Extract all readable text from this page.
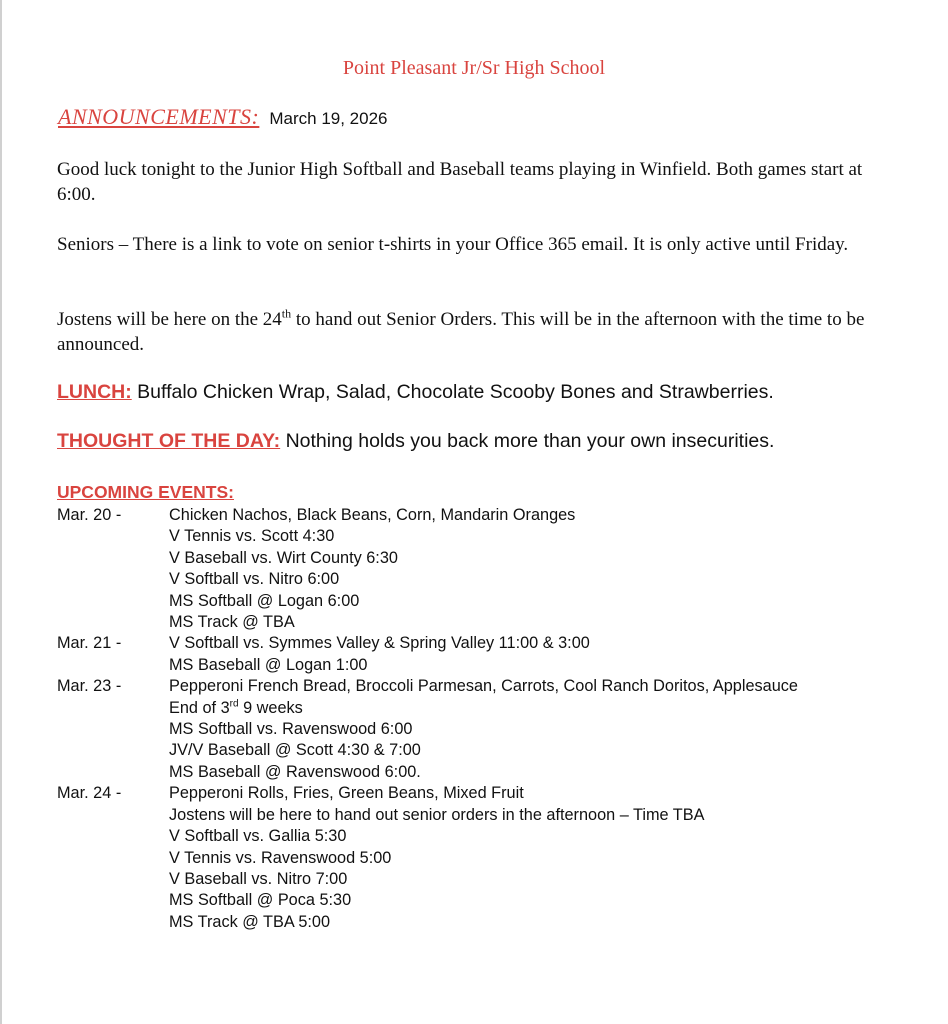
Point Pleasant Jr/Sr High School
ANNOUNCEMENTS: March 19, 2026
Good luck tonight to the Junior High Softball and Baseball teams playing in Winfield. Both games start at 6:00.
Seniors – There is a link to vote on senior t-shirts in your Office 365 email. It is only active until Friday.
Jostens will be here on the 24th to hand out Senior Orders. This will be in the afternoon with the time to be announced.
LUNCH: Buffalo Chicken Wrap, Salad, Chocolate Scooby Bones and Strawberries.
THOUGHT OF THE DAY: Nothing holds you back more than your own insecurities.
UPCOMING EVENTS:
Mar. 20 -	Chicken Nachos, Black Beans, Corn, Mandarin Oranges
V Tennis vs. Scott 4:30
V Baseball vs. Wirt County 6:30
V Softball vs. Nitro 6:00
MS Softball @ Logan 6:00
MS Track @ TBA
Mar. 21 -	V Softball vs. Symmes Valley & Spring Valley 11:00 & 3:00
MS Baseball @ Logan 1:00
Mar. 23 -	Pepperoni French Bread, Broccoli Parmesan, Carrots, Cool Ranch Doritos, Applesauce
End of 3rd 9 weeks
MS Softball vs. Ravenswood 6:00
JV/V Baseball @ Scott 4:30 & 7:00
MS Baseball @ Ravenswood 6:00.
Mar. 24 -	Pepperoni Rolls, Fries, Green Beans, Mixed Fruit
Jostens will be here to hand out senior orders in the afternoon – Time TBA
V Softball vs. Gallia 5:30
V Tennis vs. Ravenswood 5:00
V Baseball vs. Nitro 7:00
MS Softball @ Poca 5:30
MS Track @ TBA 5:00
